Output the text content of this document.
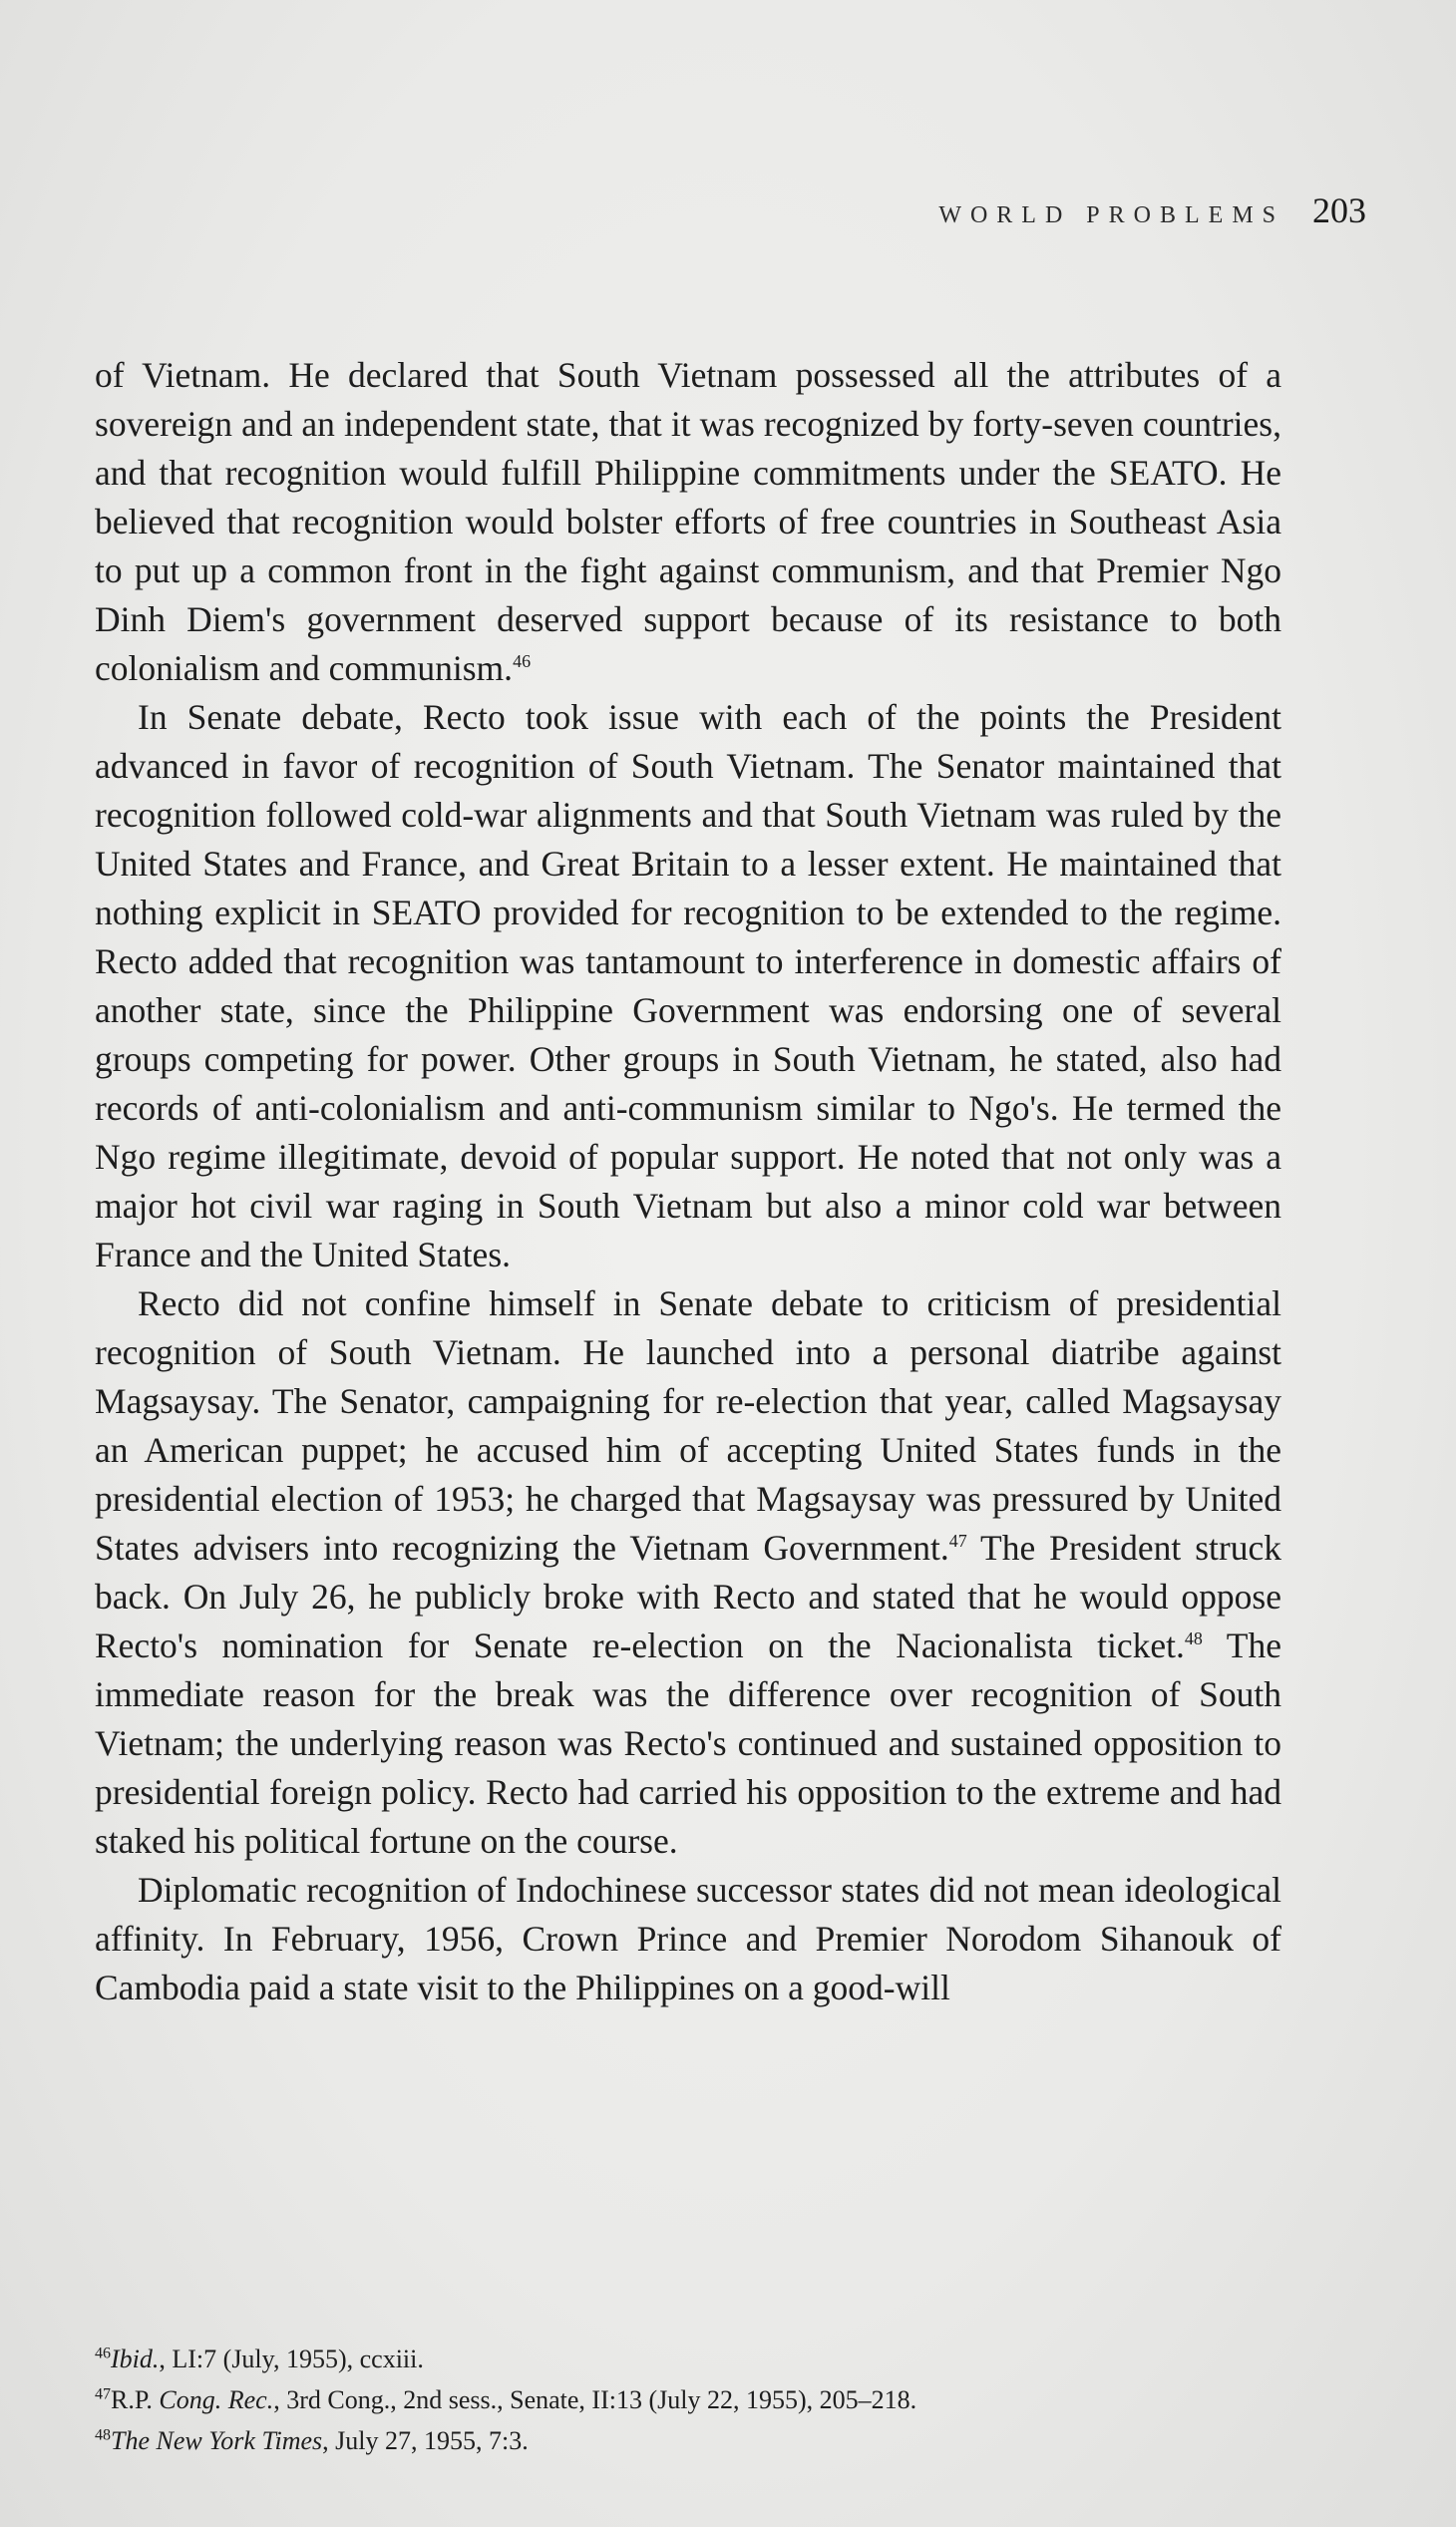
WORLD PROBLEMS 203

of Vietnam. He declared that South Vietnam possessed all the attributes of a sovereign and an independent state, that it was recognized by forty-seven countries, and that recognition would fulfill Philippine commitments under the SEATO. He believed that recognition would bolster efforts of free countries in Southeast Asia to put up a common front in the fight against communism, and that Premier Ngo Dinh Diem's government deserved support because of its resistance to both colonialism and communism.$^{46}$

In Senate debate, Recto took issue with each of the points the President advanced in favor of recognition of South Vietnam. The Senator maintained that recognition followed cold-war alignments and that South Vietnam was ruled by the United States and France, and Great Britain to a lesser extent. He maintained that nothing explicit in SEATO provided for recognition to be extended to the regime. Recto added that recognition was tantamount to interference in domestic affairs of another state, since the Philippine Government was endorsing one of several groups competing for power. Other groups in South Vietnam, he stated, also had records of anti-colonialism and anti-communism similar to Ngo's. He termed the Ngo regime illegitimate, devoid of popular support. He noted that not only was a major hot civil war raging in South Vietnam but also a minor cold war between France and the United States.

Recto did not confine himself in Senate debate to criticism of presidential recognition of South Vietnam. He launched into a personal diatribe against Magsaysay. The Senator, campaigning for re-election that year, called Magsaysay an American puppet; he accused him of accepting United States funds in the presidential election of 1953; he charged that Magsaysay was pressured by United States advisers into recognizing the Vietnam Government.$^{47}$ The President struck back. On July 26, he publicly broke with Recto and stated that he would oppose Recto's nomination for Senate re-election on the Nacionalista ticket.$^{48}$ The immediate reason for the break was the difference over recognition of South Vietnam; the underlying reason was Recto's continued and sustained opposition to presidential foreign policy. Recto had carried his opposition to the extreme and had staked his political fortune on the course.

Diplomatic recognition of Indochinese successor states did not mean ideological affinity. In February, 1956, Crown Prince and Premier Norodom Sihanouk of Cambodia paid a state visit to the Philippines on a good-will

$^{46}$Ibid., LI:7 (July, 1955), ccxiii.

$^{47}$R.P. Cong. Rec., 3rd Cong., 2nd sess., Senate, II:13 (July 22, 1955), 205–218.

$^{48}$The New York Times, July 27, 1955, 7:3.
